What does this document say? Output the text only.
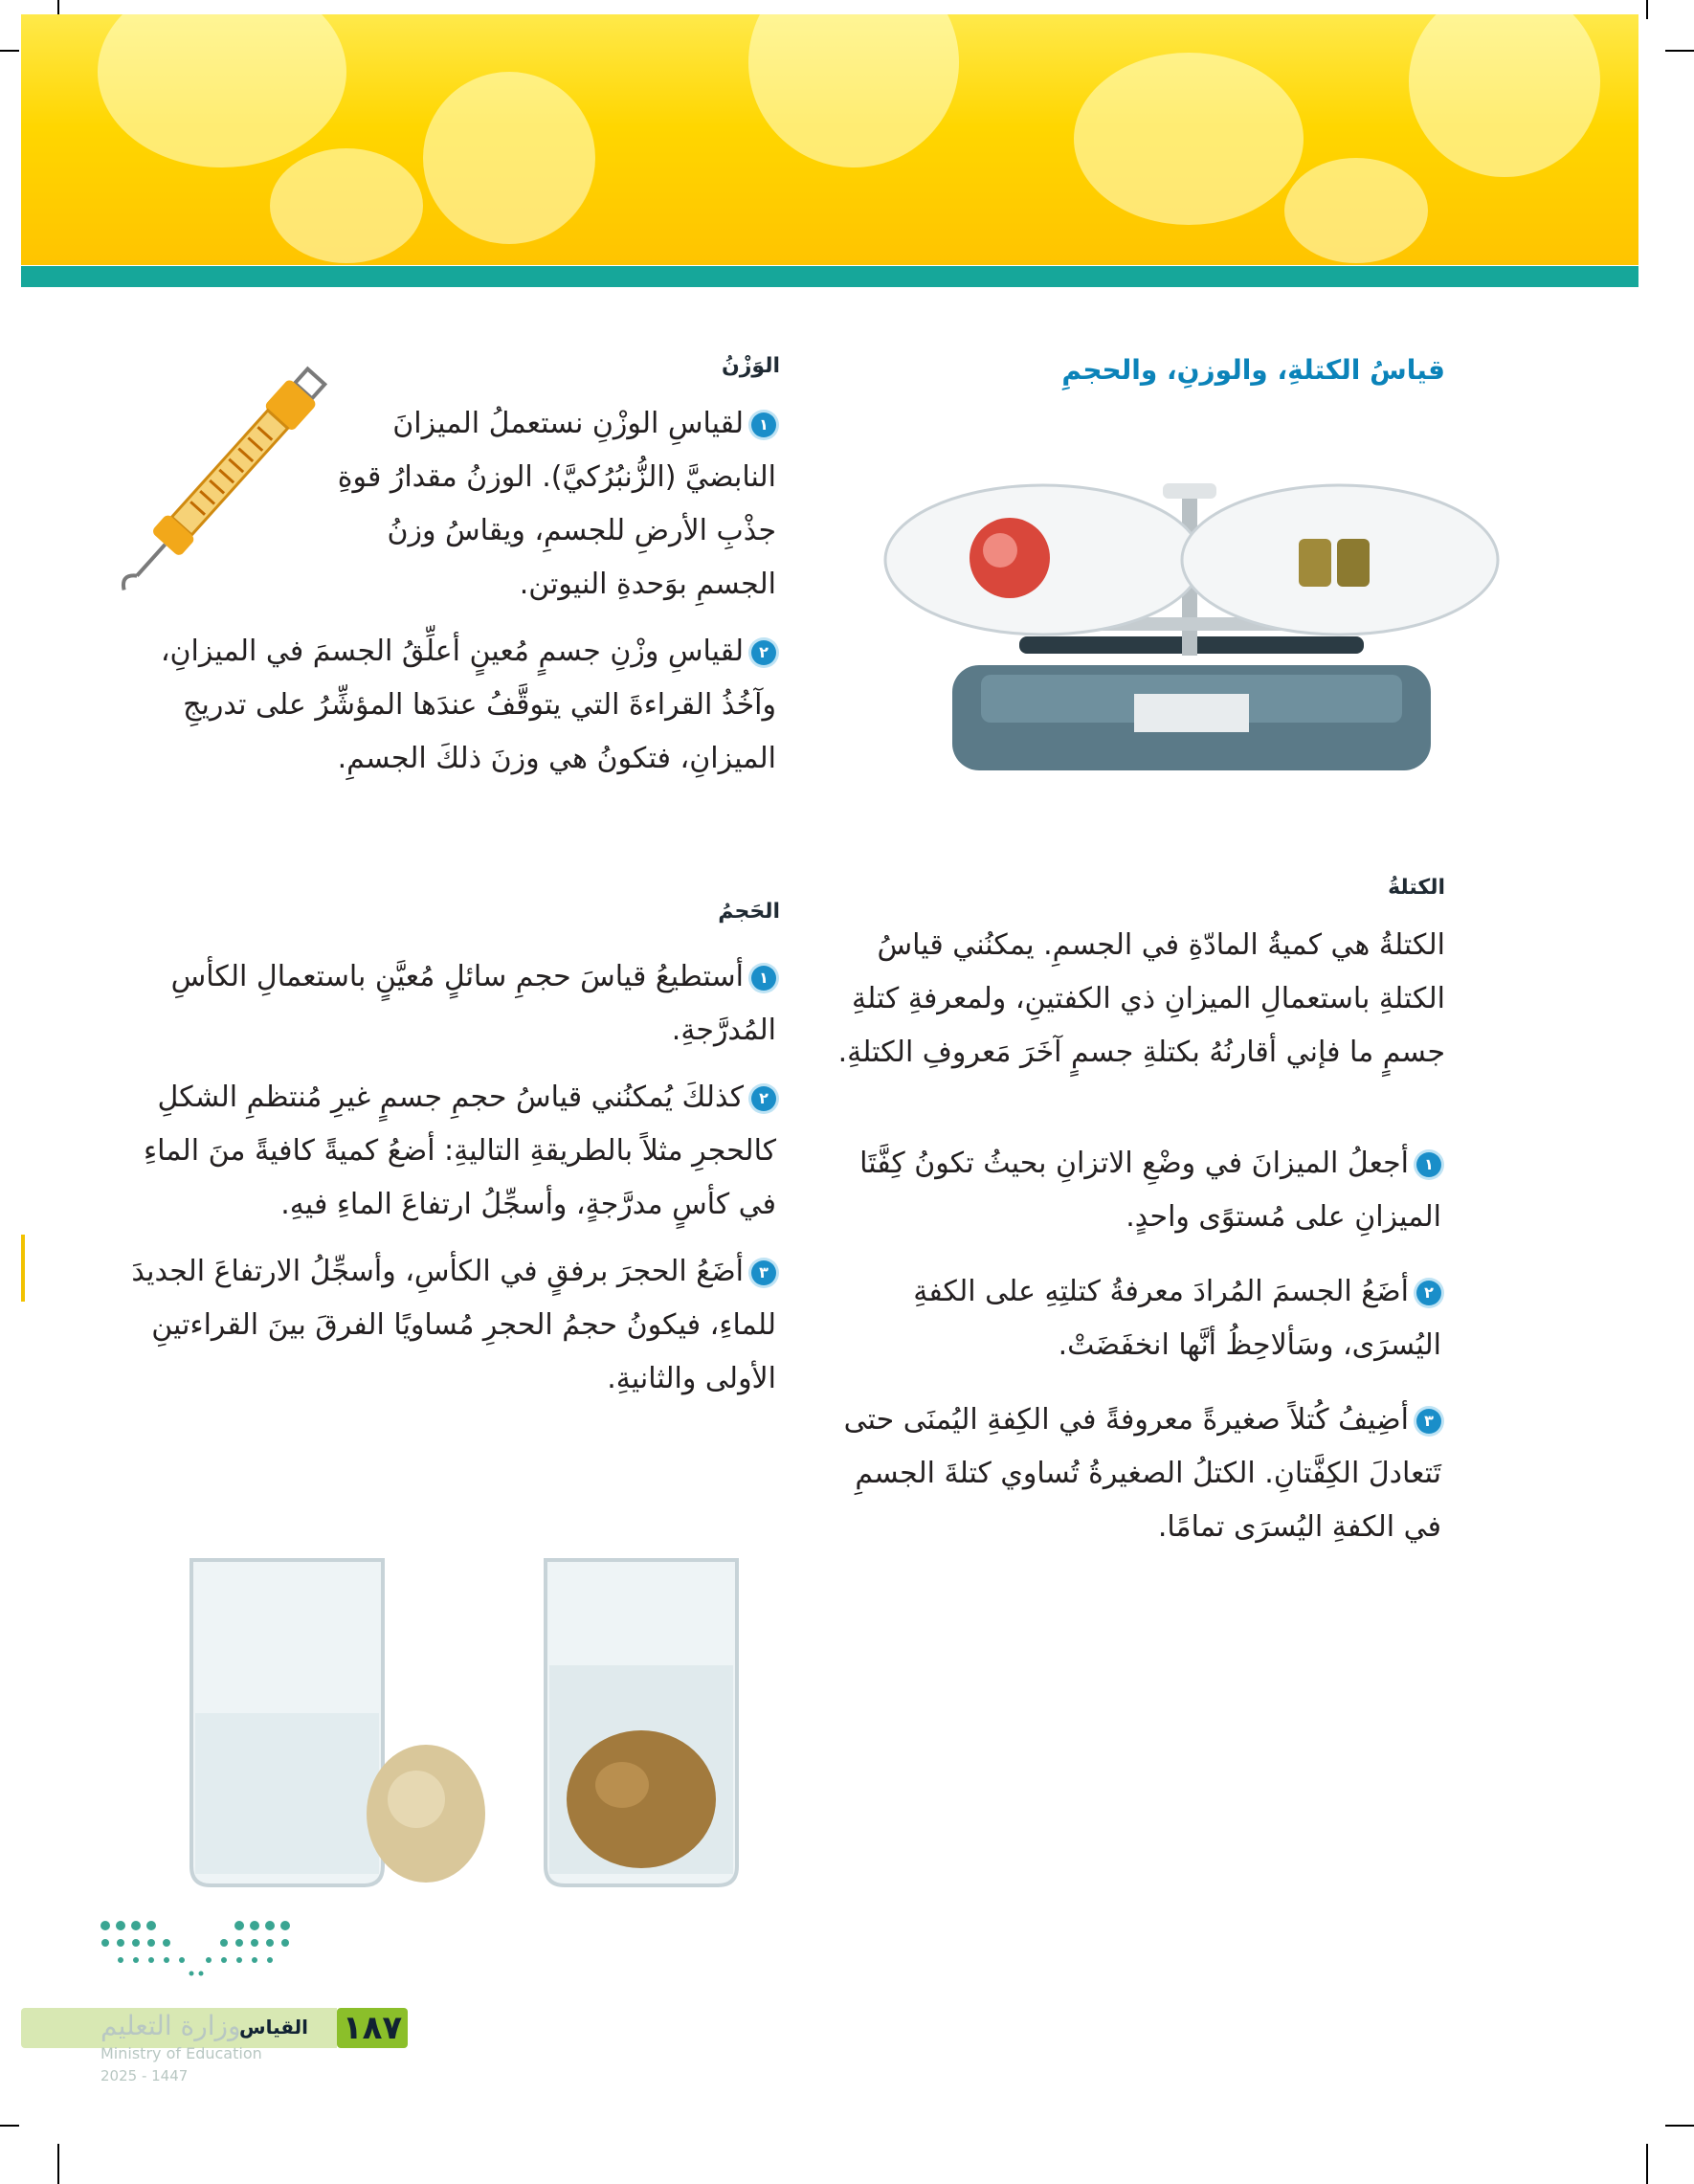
قياسُ الكتلةِ، والوزنِ، والحجمِ
الكتلةُ

الكتلةُ هي كميةُ المادّةِ في الجسمِ. يمكنُني قياسُ الكتلةِ باستعمالِ الميزانِ ذي الكفتينِ، ولمعرفةِ كتلةِ جسمٍ ما فإني أقارنُهُ بكتلةِ جسمٍ آخَرَ مَعروفِ الكتلةِ.

١أجعلُ الميزانَ في وضْعِ الاتزانِ بحيثُ تكونُ كِفَّتَا الميزانِ على مُستوًى واحدٍ.
٢أضَعُ الجسمَ المُرادَ معرفةُ كتلتِهِ على الكفةِ اليُسرَى، وسَألاحِظُ أنَّها انخفَضَتْ.
٣أضِيفُ كُتلاً صغيرةً معروفةً في الكِفةِ اليُمنَى حتى تَتعادلَ الكِفَّتانِ. الكتلُ الصغيرةُ تُساوي كتلةَ الجسمِ في الكفةِ اليُسرَى تمامًا.
الوَزْنُ
١لقياسِ الوزْنِ نستعملُ الميزانَ النابضيَّ (الزُّنبُرُكيَّ). الوزنُ مقدارُ قوةِ جذْبِ الأرضِ للجسمِ، ويقاسُ وزنُ الجسمِ بوَحدةِ النيوتن.
٢لقياسِ وزْنِ جسمٍ مُعينٍ أعلِّقُ الجسمَ في الميزانِ، وآخُذُ القراءةَ التي يتوقَّفُ عندَها المؤشِّرُ على تدريجِ الميزانِ، فتكونُ هي وزنَ ذلكَ الجسمِ.
الحَجمُ
١أستطيعُ قياسَ حجمِ سائلٍ مُعيَّنٍ باستعمالِ الكأسِ المُدرَّجةِ.
٢كذلكَ يُمكنُني قياسُ حجمِ جسمٍ غيرِ مُنتظمِ الشكلِ كالحجرِ مثلاً بالطريقةِ التاليةِ: أضعُ كميةً كافيةً منَ الماءِ في كأسٍ مدرَّجةٍ، وأسجِّلُ ارتفاعَ الماءِ فيهِ.
٣أضَعُ الحجرَ برفقٍ في الكأسِ، وأسجِّلُ الارتفاعَ الجديدَ للماءِ، فيكونُ حجمُ الحجرِ مُساويًا الفرقَ بينَ القراءتينِ الأولى والثانيةِ.
وزارة التعليم
Ministry of Education
2025 - 1447
القياس ١٨٧
